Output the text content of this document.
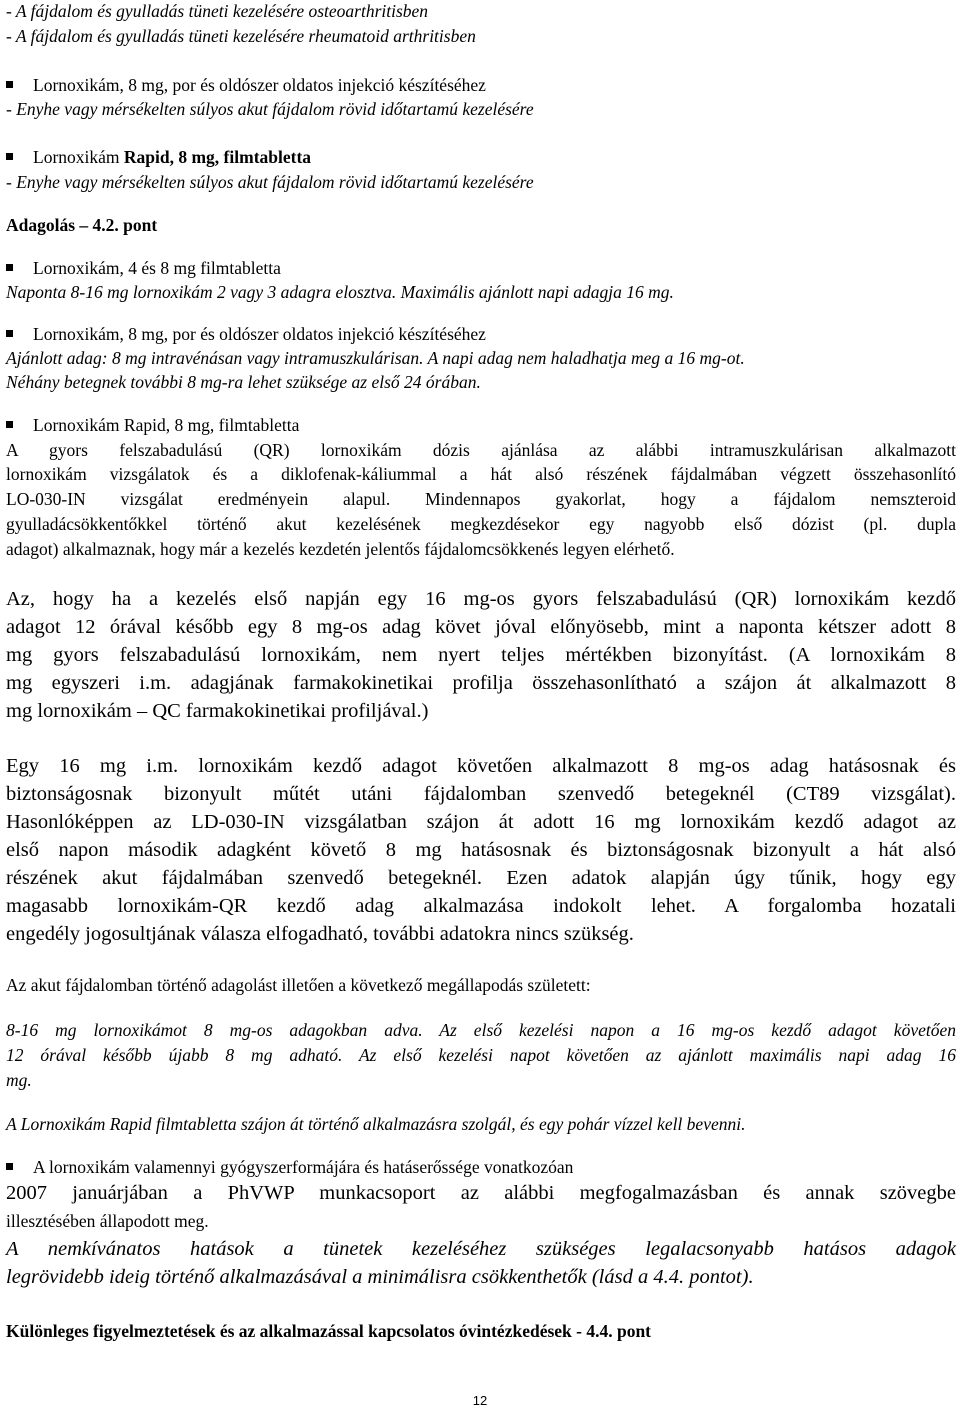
- A fájdalom és gyulladás tüneti kezelésére osteoarthritisben
- A fájdalom és gyulladás tüneti kezelésére rheumatoid arthritisben
Lornoxikám, 8 mg, por és oldószer oldatos injekció készítéséhez
- Enyhe vagy mérsékelten súlyos akut fájdalom rövid időtartamú kezelésére
Lornoxikám Rapid, 8 mg, filmtabletta
- Enyhe vagy mérsékelten súlyos akut fájdalom rövid időtartamú kezelésére
Adagolás – 4.2. pont
Lornoxikám, 4 és 8 mg filmtabletta
Naponta 8-16 mg lornoxikám 2 vagy 3 adagra elosztva. Maximális ajánlott napi adagja 16 mg.
Lornoxikám, 8 mg, por és oldószer oldatos injekció készítéséhez
Ajánlott adag: 8 mg intravénásan vagy intramuszkulárisan. A napi adag nem haladhatja meg a 16 mg-ot.
Néhány betegnek további 8 mg-ra lehet szüksége az első 24 órában.
Lornoxikám Rapid, 8 mg, filmtabletta
A gyors felszabadulású (QR) lornoxikám dózis ajánlása az alábbi intramuszkulárisan alkalmazott
lornoxikám vizsgálatok és a diklofenak-káliummal a hát alsó részének fájdalmában végzett összehasonlító
LO-030-IN vizsgálat eredményein alapul. Mindennapos gyakorlat, hogy a fájdalom nemszteroid
gyulladácsökkentőkkel történő akut kezelésének megkezdésekor egy nagyobb első dózist (pl. dupla
adagot) alkalmaznak, hogy már a kezelés kezdetén jelentős fájdalomcsökkenés legyen elérhető.
Az, hogy ha a kezelés első napján egy 16 mg-os gyors felszabadulású (QR) lornoxikám kezdő
adagot 12 órával később egy 8 mg-os adag követ jóval előnyösebb, mint a naponta kétszer adott 8
mg gyors felszabadulású lornoxikám, nem nyert teljes mértékben bizonyítást. (A lornoxikám 8
mg egyszeri i.m. adagjának farmakokinetikai profilja összehasonlítható a szájon át alkalmazott 8
mg lornoxikám – QC farmakokinetikai profiljával.)
Egy 16 mg i.m. lornoxikám kezdő adagot követően alkalmazott 8 mg-os adag hatásosnak és
biztonságosnak bizonyult műtét utáni fájdalomban szenvedő betegeknél (CT89 vizsgálat).
Hasonlóképpen az LD-030-IN vizsgálatban szájon át adott 16 mg lornoxikám kezdő adagot az
első napon második adagként követő 8 mg hatásosnak és biztonságosnak bizonyult a hát alsó
részének akut fájdalmában szenvedő betegeknél. Ezen adatok alapján úgy tűnik, hogy egy
magasabb lornoxikám-QR kezdő adag alkalmazása indokolt lehet. A forgalomba hozatali
engedély jogosultjának válasza elfogadható, további adatokra nincs szükség.
Az akut fájdalomban történő adagolást illetően a következő megállapodás született:
8-16 mg lornoxikámot 8 mg-os adagokban adva. Az első kezelési napon a 16 mg-os kezdő adagot követően
12 órával később újabb 8 mg adható. Az első kezelési napot követően az ajánlott maximális napi adag 16
mg.
A Lornoxikám Rapid filmtabletta szájon át történő alkalmazásra szolgál, és egy pohár vízzel kell bevenni.
A lornoxikám valamennyi gyógyszerformájára és hatáserőssége vonatkozóan
2007 januárjában a PhVWP munkacsoport az alábbi megfogalmazásban és annak szövegbe
illesztésében állapodott meg.
A nemkívánatos hatások a tünetek kezeléséhez szükséges legalacsonyabb hatásos adagok
legrövidebb ideig történő alkalmazásával a minimálisra csökkenthetők (lásd a 4.4. pontot).
Különleges figyelmeztetések és az alkalmazással kapcsolatos óvintézkedések - 4.4. pont
12
